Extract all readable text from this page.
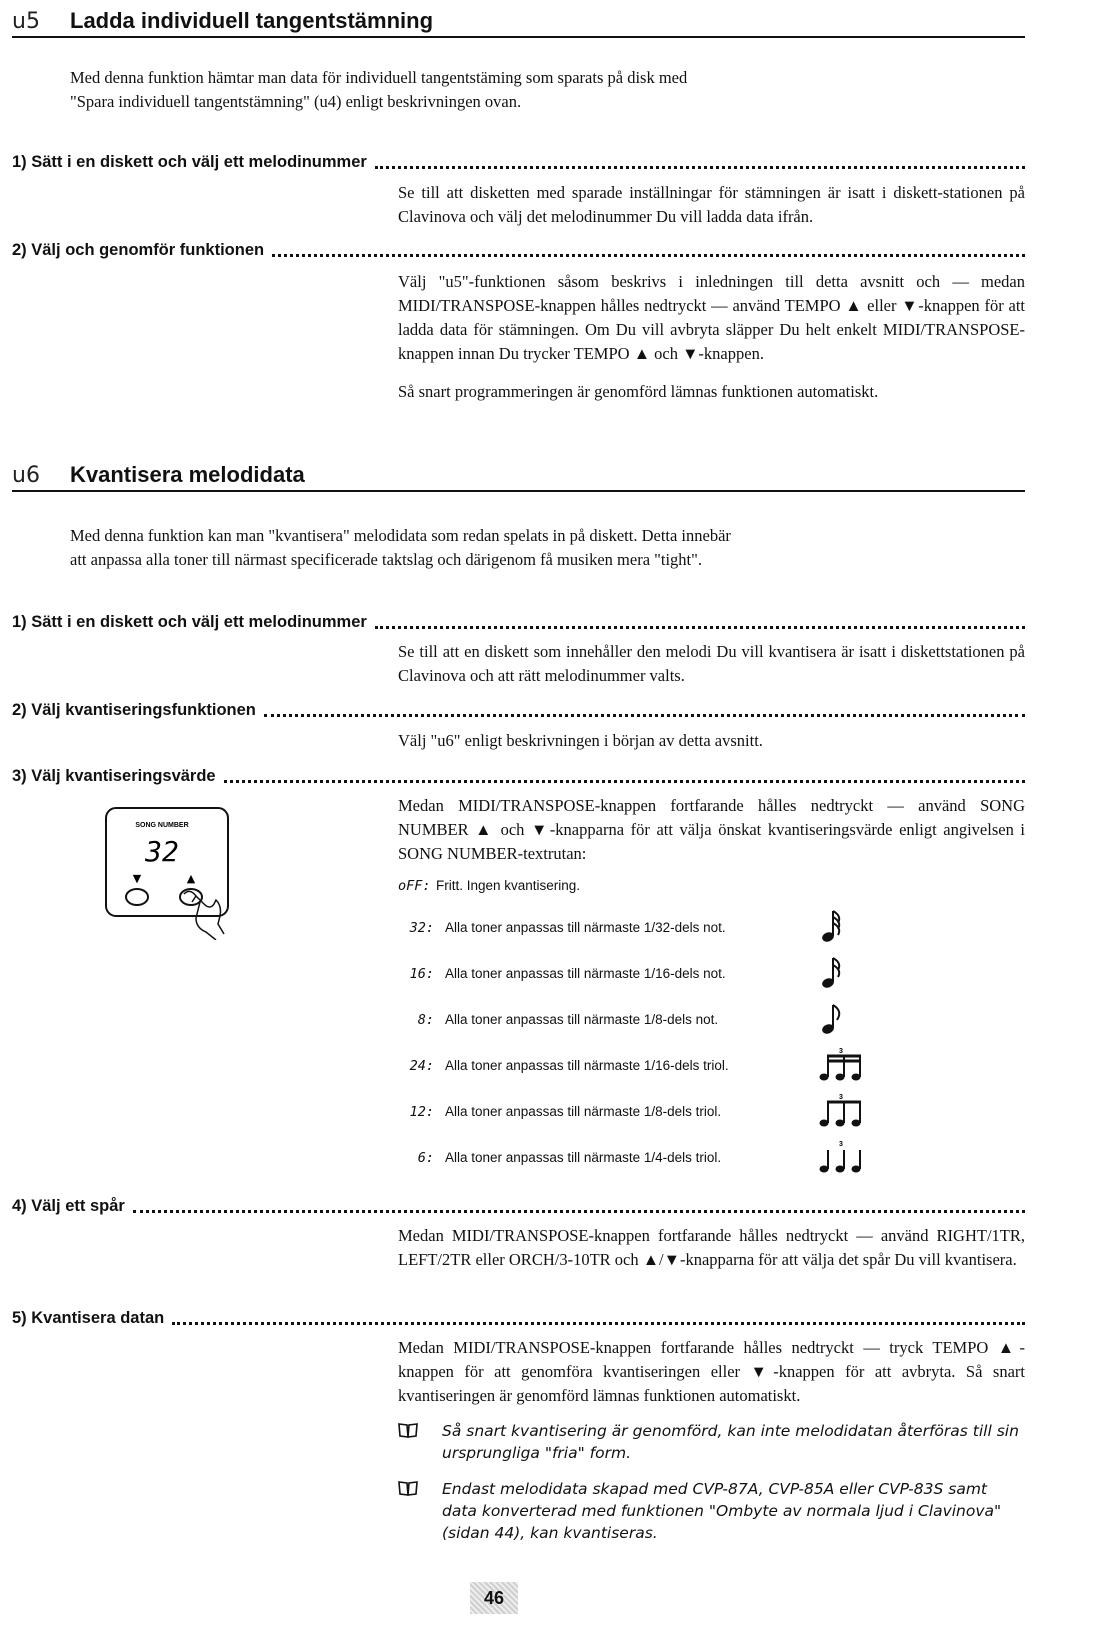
u5 Ladda individuell tangentstämning
Med denna funktion hämtar man data för individuell tangentstäming som sparats på disk med
"Spara individuell tangentstämning" (u4) enligt beskrivningen ovan.
1) Sätt i en diskett och välj ett melodinummer

Se till att disketten med sparade inställningar för stämningen är isatt i diskett-stationen på Clavinova och välj det melodinummer Du vill ladda data ifrån.

2) Välj och genomför funktionen

Välj "u5"-funktionen såsom beskrivs i inledningen till detta avsnitt och — medan MIDI/TRANSPOSE-knappen hålles nedtryckt — använd TEMPO ▲ eller ▼-knappen för att ladda data för stämningen. Om Du vill avbryta släpper Du helt enkelt MIDI/TRANSPOSE-knappen innan Du trycker TEMPO ▲ och ▼-knappen.

Så snart programmeringen är genomförd lämnas funktionen automatiskt.

u6 Kvantisera melodidata
Med denna funktion kan man "kvantisera" melodidata som redan spelats in på diskett. Detta innebär
att anpassa alla toner till närmast specificerade taktslag och därigenom få musiken mera "tight".
1) Sätt i en diskett och välj ett melodinummer

Se till att en diskett som innehåller den melodi Du vill kvantisera är isatt i diskettstationen på Clavinova och att rätt melodinummer valts.

2) Välj kvantiseringsfunktionen

Välj "u6" enligt beskrivningen i början av detta avsnitt.

3) Välj kvantiseringsvärde

Medan MIDI/TRANSPOSE-knappen fortfarande hålles nedtryckt — använd SONG NUMBER ▲ och ▼-knapparna för att välja önskat kvantiseringsvärde enligt angivelsen i SONG NUMBER-textrutan:

SONG NUMBER
32
▼	▲	oFF: Fritt. Ingen kvantisering.
32: Alla toner anpassas till närmaste 1/32-dels not.
16: Alla toner anpassas till närmaste 1/16-dels not.
8: Alla toner anpassas till närmaste 1/8-dels not.
24: Alla toner anpassas till närmaste 1/16-dels triol.
3
12: Alla toner anpassas till närmaste 1/8-dels triol.
3
6: Alla toner anpassas till närmaste 1/4-dels triol.
3
4) Välj ett spår

Medan MIDI/TRANSPOSE-knappen fortfarande hålles nedtryckt — använd RIGHT/1TR, LEFT/2TR eller ORCH/3-10TR och ▲/▼-knapparna för att välja det spår Du vill kvantisera.

5) Kvantisera datan

Medan MIDI/TRANSPOSE-knappen fortfarande hålles nedtryckt — tryck TEMPO ▲-knappen för att genomföra kvantiseringen eller ▼-knappen för att avbryta. Så snart kvantiseringen är genomförd lämnas funktionen automatiskt.

Så snart kvantisering är genomförd, kan inte melodidatan återföras till sin ursprungliga "fria" form.
Endast melodidata skapad med CVP-87A, CVP-85A eller CVP-83S samt data konverterad med funktionen "Ombyte av normala ljud i Clavinova" (sidan 44), kan kvantiseras.
46
